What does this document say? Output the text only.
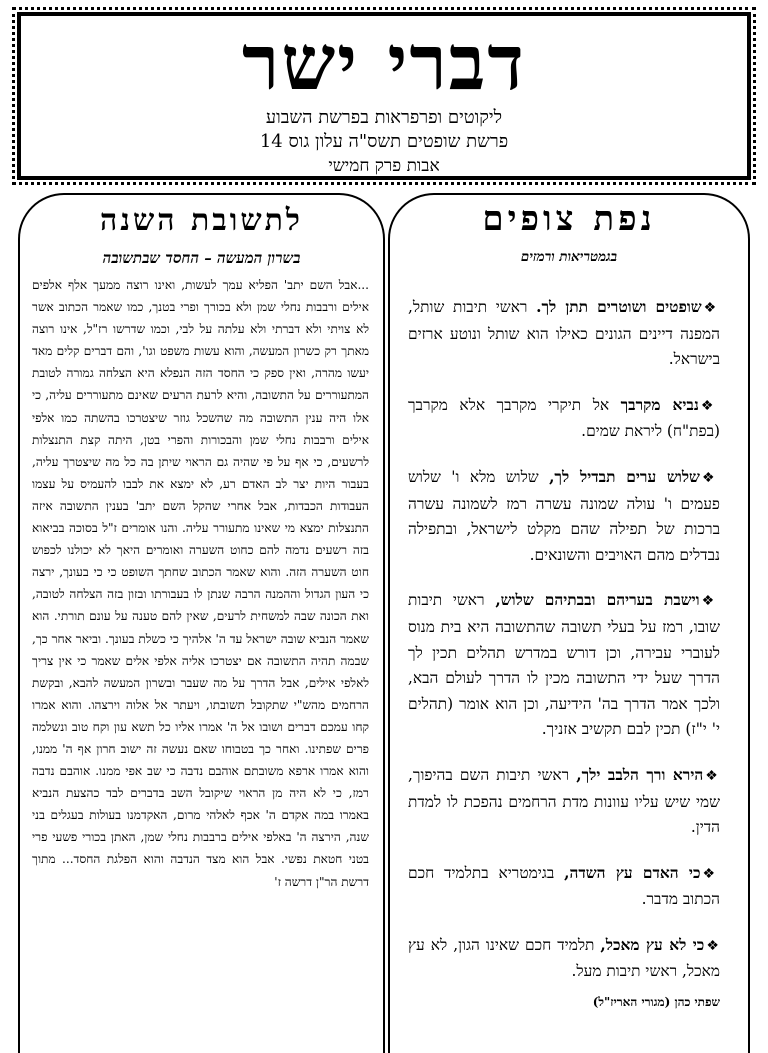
דברי ישר
ליקוטים ופרפראות בפרשת השבוע
פרשת שופטים תשס"ה עלון גוס 14
אבות פרק חמישי
נפת צופים
בגמטריאות ורמזים

❖שופטים ושוטרים תתן לך. ראשי תיבות שותל, המפנה דיינים הגונים כאילו הוא שותל ונוטע ארזים בישראל.

❖נביא מקרבך אל תיקרי מקרבך אלא מקרבך (בפת"ח) ליראת שמים.

❖שלוש ערים תבדיל לך, שלוש מלא ו' שלוש פעמים ו' עולה שמונה עשרה רמז לשמונה עשרה ברכות של תפילה שהם מקלט לישראל, ובתפילה נבדלים מהם האויבים והשונאים.

❖וישבת בעריהם ובבתיהם שלוש, ראשי תיבות שובו, רמז על בעלי תשובה שהתשובה היא בית מנוס לעוברי עבירה, וכן דורש במדרש תהלים תכין לך הדרך שעל ידי התשובה מכין לו הדרך לעולם הבא, ולכך אמר הדרך בה' הידיעה, וכן הוא אומר (תהלים י' י"ז) תכין לבם תקשיב אזניך.

❖הירא ורך הלבב ילך, ראשי תיבות השם בהיפוך, שמי שיש עליו עוונות מדת הרחמים נהפכת לו למדת הדין.

❖כי האדם עץ השדה, בגימטריא בתלמיד חכם הכתוב מדבר.

❖כי לא עץ מאכל, תלמיד חכם שאינו הגון, לא עץ מאכל, ראשי תיבות מעל.

שפתי כהן (מגורי האריז"ל)
לתשובת השנה
בשרון המעשה – החסד שבתשובה
...אבל השם יתב' הפליא עמך לעשות, ואינו רוצה ממעך אלף אלפים אילים ורבבות נחלי שמן ולא בכורך ופרי בטנך, כמו שאמר הכתוב אשר לא צויתי ולא דברתי ולא עלתה על לבי, וכמו שדרשו רז"ל, אינו רוצה מאתך רק כשרון המעשה, והוא עשות משפט וגו', והם דברים קלים מאד יעשו מהרה, ואין ספק כי החסד הזה הנפלא היא הצלחה גמורה לטובת המתעוררים על התשובה, והיא לרעת הרעים שאינם מתעוררים עליה, כי אלו היה ענין התשובה מה שהשכל גוזר שיצטרכו בהשתה כמו אלפי אילים ורבבות נחלי שמן והבכורות והפרי בטן, היתה קצת התנצלות לרשעים, כי אף על פי שהיה גם הראוי שיתן בה כל מה שיצטרך עליה, בעבור היות יצר לב האדם רע, לא ימצא את לבבו להעמיס על עצמו העבודות הכבדות, אבל אחרי שהקל השם יתב' בענין התשובה איזה התנצלות ימצא מי שאינו מתעורר עליה. והנו אומרים ז"ל בסוכה בביאוא בזה רשעים נדמה להם כחוט השערה ואומרים היאך לא יכולנו לכפוש חוט השערה הזה. והוא שאמר הכתוב שחתך השופט כי כי בעונך, ירצה כי העון הגדול וההמנה הרבה שנתן לו בעבורתו ובזון בזה הצלחה לטובה, ואת הכונה שבה למשחית לרעים, שאין להם טענה על עונם תורתי. הוא שאמר הנביא שובה ישראל עד ה' אלהיך כי כשלת בעונך. וביאר אחר כך, שבמה תהיה התשובה אם יצטרכו אליה אלפי אלים שאמר כי אין צריך לאלפי אילים, אבל הדרך על מה שעבר ובשרון המעשה להבא, ובקשת הרחמים מהש"י שתקובל תשובתו, ויעתר אל אלוה וירצהו. והוא אמרו קחו עמכם דברים ושובו אל ה' אמרו אליו כל תשא עון וקח טוב ונשלמה פרים שפתינו. ואחר כך בטבוחו שאם נעשה זה ישוב חרון אף ה' ממנו, והוא אמרו ארפא משובתם אוהבם נדבה כי שב אפי ממנו. אוהבם נדבה רמז, כי לא היה מן הראוי שיקובל השב בדברים לבד כהצעת הנביא באמרו במה אקדם ה' אכף לאלהי מרום, האקדמנו בעולות בעגלים בני שנה, הירצה ה' באלפי אילים ברבבות נחלי שמן, האתן בכורי פשעי פרי בטני חטאת נפשי. אבל הוא מצד הנדבה והוא הפלגת החסד... מתוך דרשת הר"ן דרשה ז'
